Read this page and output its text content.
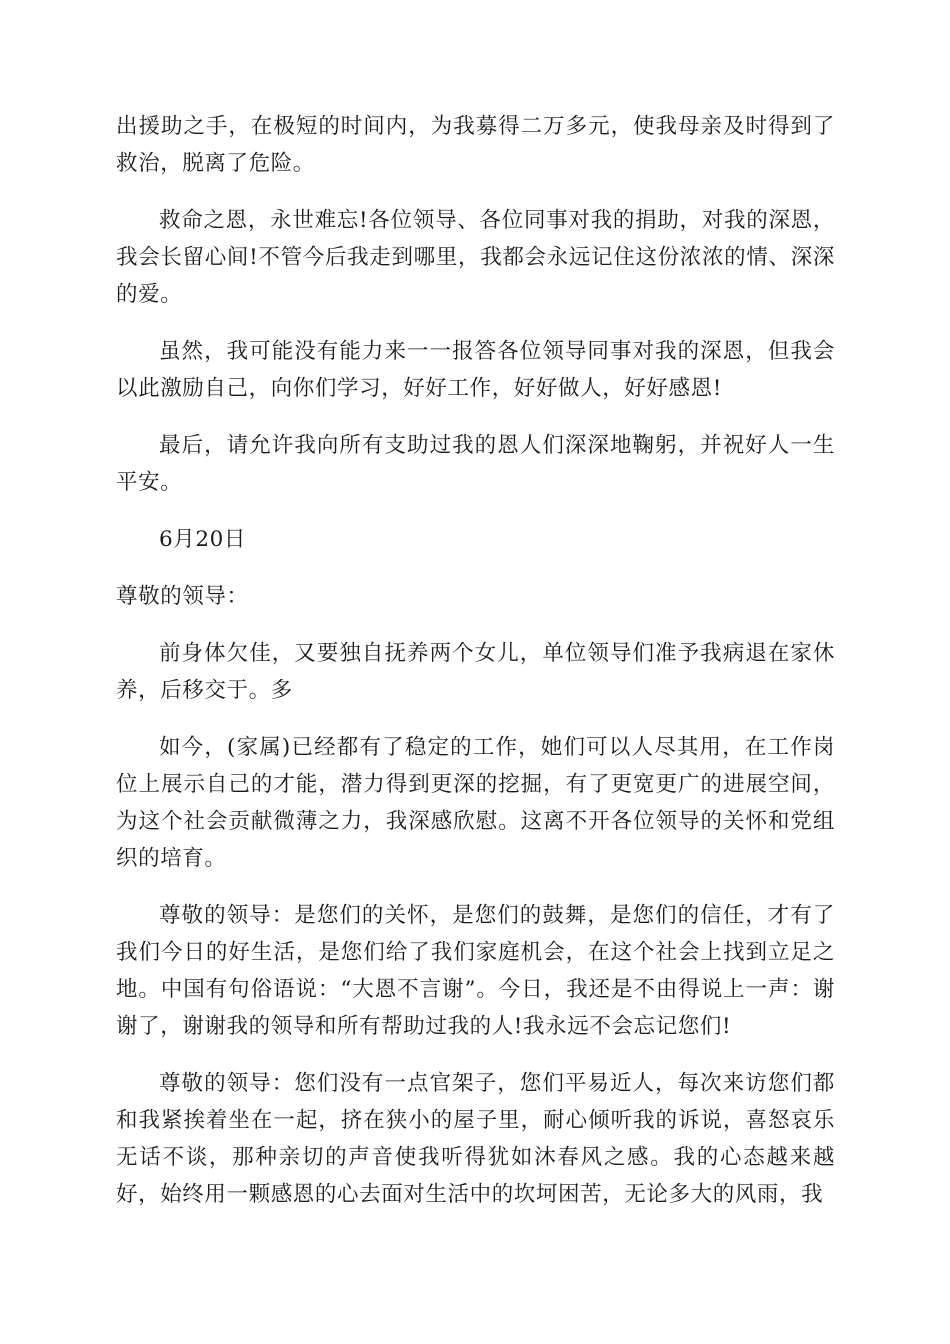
出援助之手，在极短的时间内，为我募得二万多元，使我母亲及时得到了救治，脱离了危险。

救命之恩，永世难忘!各位领导、各位同事对我的捐助，对我的深恩，我会长留心间!不管今后我走到哪里，我都会永远记住这份浓浓的情、深深的爱。

虽然，我可能没有能力来一一报答各位领导同事对我的深恩，但我会以此激励自己，向你们学习，好好工作，好好做人，好好感恩!

最后，请允许我向所有支助过我的恩人们深深地鞠躬，并祝好人一生平安。

6月20日

尊敬的领导：

前身体欠佳，又要独自抚养两个女儿，单位领导们准予我病退在家休养，后移交于。多

如今，(家属)已经都有了稳定的工作，她们可以人尽其用，在工作岗位上展示自己的才能，潜力得到更深的挖掘，有了更宽更广的进展空间，为这个社会贡献微薄之力，我深感欣慰。这离不开各位领导的关怀和党组织的培育。

尊敬的领导：是您们的关怀，是您们的鼓舞，是您们的信任，才有了我们今日的好生活，是您们给了我们家庭机会，在这个社会上找到立足之地。中国有句俗语说：“大恩不言谢”。今日，我还是不由得说上一声：谢谢了，谢谢我的领导和所有帮助过我的人!我永远不会忘记您们!

尊敬的领导：您们没有一点官架子，您们平易近人，每次来访您们都和我紧挨着坐在一起，挤在狭小的屋子里，耐心倾听我的诉说，喜怒哀乐无话不谈，那种亲切的声音使我听得犹如沐春风之感。我的心态越来越好，始终用一颗感恩的心去面对生活中的坎坷困苦，无论多大的风雨，我
